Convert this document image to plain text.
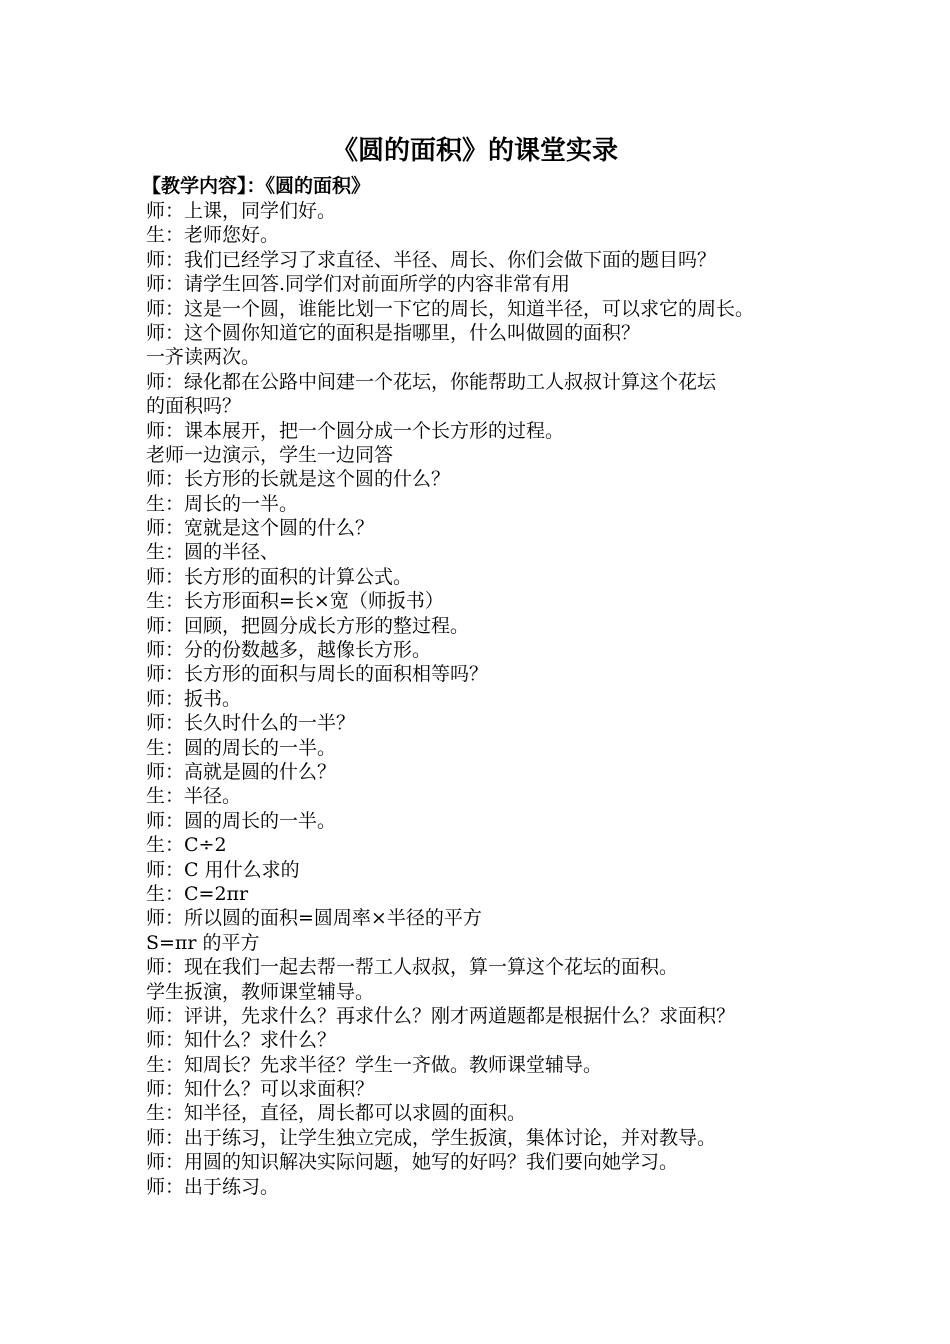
《圆的面积》的课堂实录

【教学内容】：《圆的面积》

师：上课，同学们好。
生：老师您好。
师：我们已经学习了求直径、半径、周长、你们会做下面的题目吗？
师：请学生回答.同学们对前面所学的内容非常有用
师：这是一个圆，谁能比划一下它的周长，知道半径，可以求它的周长。
师：这个圆你知道它的面积是指哪里，什么叫做圆的面积？
一齐读两次。
师：绿化都在公路中间建一个花坛，你能帮助工人叔叔计算这个花坛
的面积吗？
师：课本展开，把一个圆分成一个长方形的过程。
老师一边演示，学生一边同答
师：长方形的长就是这个圆的什么？
生：周长的一半。
师：宽就是这个圆的什么？
生：圆的半径、
师：长方形的面积的计算公式。
生：长方形面积=长×宽（师扳书）
师：回顾，把圆分成长方形的整过程。
师：分的份数越多，越像长方形。
师：长方形的面积与周长的面积相等吗？
师：扳书。
师：长久时什么的一半？
生：圆的周长的一半。
师：高就是圆的什么？
生：半径。
师：圆的周长的一半。
生：C÷2
师：C 用什么求的
生：C=2πr
师：所以圆的面积=圆周率×半径的平方
S=πr 的平方
师：现在我们一起去帮一帮工人叔叔，算一算这个花坛的面积。
学生扳演，教师课堂辅导。
师：评讲，先求什么？再求什么？刚才两道题都是根据什么？求面积？
师：知什么？求什么？
生：知周长？先求半径？学生一齐做。教师课堂辅导。
师：知什么？可以求面积？
生：知半径，直径，周长都可以求圆的面积。
师：出于练习，让学生独立完成，学生扳演，集体讨论，并对教导。
师：用圆的知识解决实际问题，她写的好吗？我们要向她学习。
师：出于练习。
